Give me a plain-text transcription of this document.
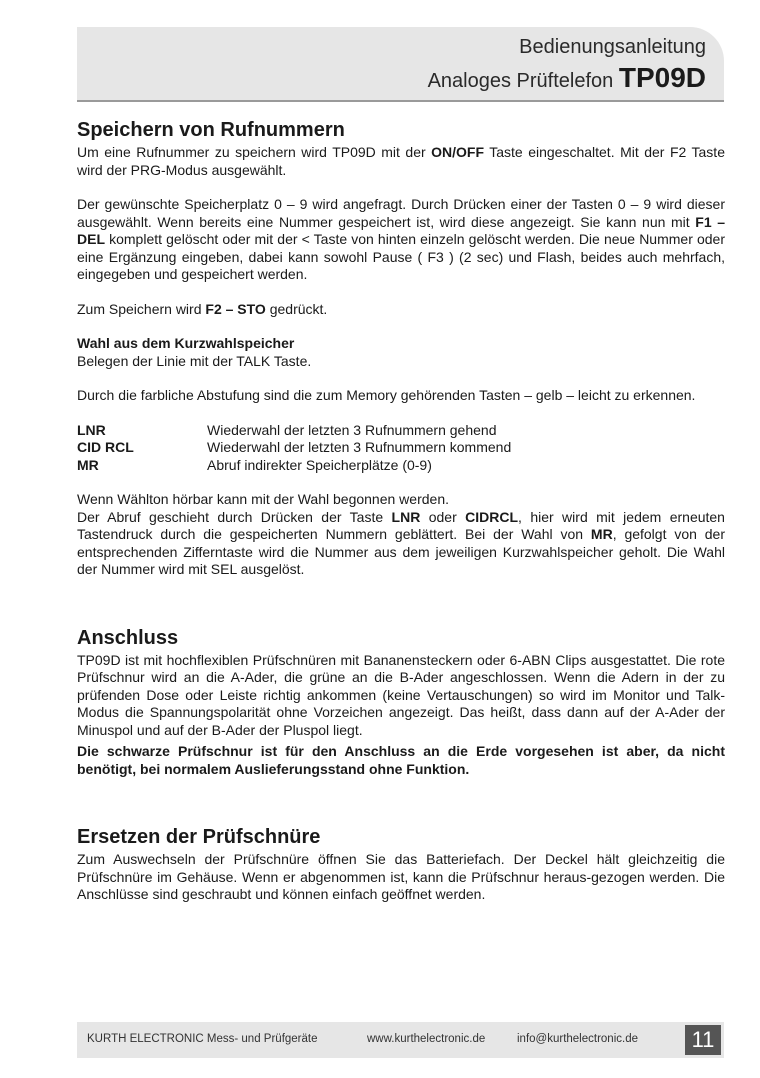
Bedienungsanleitung
Analoges Prüftelefon TP09D
Speichern von Rufnummern

Um eine Rufnummer zu speichern wird TP09D mit der ON/OFF Taste eingeschaltet. Mit der F2 Taste wird der PRG-Modus ausgewählt.

Der gewünschte Speicherplatz 0 – 9 wird angefragt. Durch Drücken einer der Tasten 0 – 9 wird dieser ausgewählt. Wenn bereits eine Nummer gespeichert ist, wird diese angezeigt. Sie kann nun mit F1 – DEL komplett gelöscht oder mit der < Taste von hinten einzeln gelöscht werden. Die neue Nummer oder eine Ergänzung eingeben, dabei kann sowohl Pause ( F3 ) (2 sec) und Flash, beides auch mehrfach, eingegeben und gespeichert werden.

Zum Speichern wird F2 – STO gedrückt.

Wahl aus dem Kurzwahlspeicher

Belegen der Linie mit der TALK Taste.

Durch die farbliche Abstufung sind die zum Memory gehörenden Tasten – gelb – leicht zu erkennen.

LNR	Wiederwahl der letzten 3 Rufnummern gehend
CID RCL	Wiederwahl der letzten 3 Rufnummern kommend
MR	Abruf indirekter Speicherplätze (0-9)

Wenn Wählton hörbar kann mit der Wahl begonnen werden.

Der Abruf geschieht durch Drücken der Taste LNR oder CIDRCL, hier wird mit jedem erneuten Tastendruck durch die gespeicherten Nummern geblättert. Bei der Wahl von MR, gefolgt von der entsprechenden Zifferntaste wird die Nummer aus dem jeweiligen Kurzwahlspeicher geholt. Die Wahl der Nummer wird mit SEL ausgelöst.

Anschluss

TP09D ist mit hochflexiblen Prüfschnüren mit Bananensteckern oder 6-ABN Clips ausgestattet. Die rote Prüfschnur wird an die A-Ader, die grüne an die B-Ader angeschlossen. Wenn die Adern in der zu prüfenden Dose oder Leiste richtig ankommen (keine Vertauschungen) so wird im Monitor und Talk-Modus die Spannungspolarität ohne Vorzeichen angezeigt. Das heißt, dass dann auf der A-Ader der Minuspol und auf der B-Ader der Pluspol liegt.

Die schwarze Prüfschnur ist für den Anschluss an die Erde vorgesehen ist aber, da nicht benötigt, bei normalem Auslieferungsstand ohne Funktion.

Ersetzen der Prüfschnüre

Zum Auswechseln der Prüfschnüre öffnen Sie das Batteriefach. Der Deckel hält gleichzeitig die Prüfschnüre im Gehäuse. Wenn er abgenommen ist, kann die Prüfschnur heraus-gezogen werden. Die Anschlüsse sind geschraubt und können einfach geöffnet werden.

KURTH ELECTRONIC Mess- und Prüfgeräte	www.kurthelectronic.de	info@kurthelectronic.de 11
